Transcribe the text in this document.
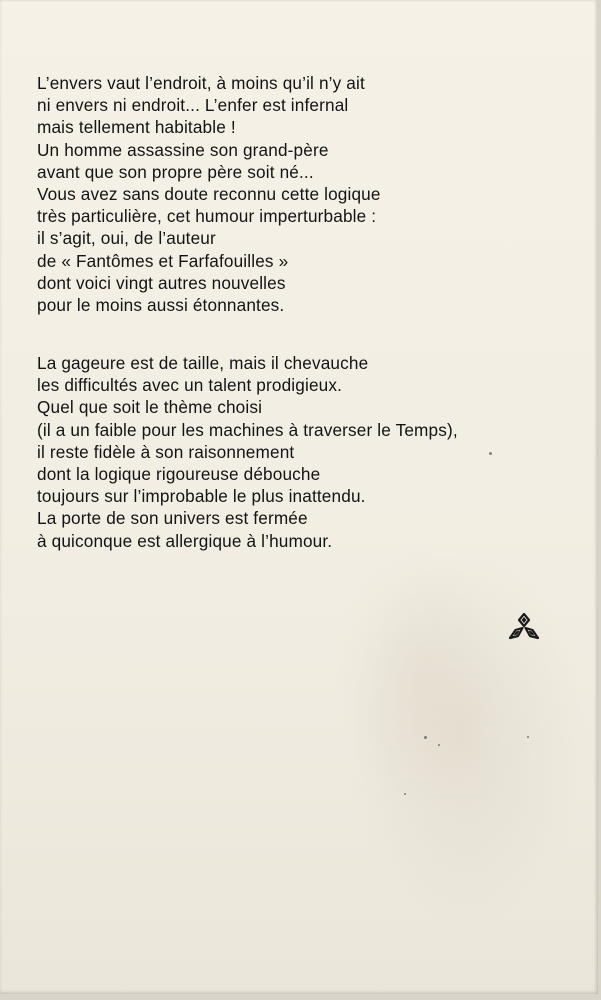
L’envers vaut l’endroit, à moins qu’il n’y ait
ni envers ni endroit... L’enfer est infernal
mais tellement habitable !
Un homme assassine son grand-père
avant que son propre père soit né...
Vous avez sans doute reconnu cette logique
très particulière, cet humour imperturbable :
il s’agit, oui, de l’auteur
de « Fantômes et Farfafouilles »
dont voici vingt autres nouvelles
pour le moins aussi étonnantes.
La gageure est de taille, mais il chevauche
les difficultés avec un talent prodigieux.
Quel que soit le thème choisi
(il a un faible pour les machines à traverser le Temps),
il reste fidèle à son raisonnement
dont la logique rigoureuse débouche
toujours sur l’improbable le plus inattendu.
La porte de son univers est fermée
à quiconque est allergique à l’humour.
